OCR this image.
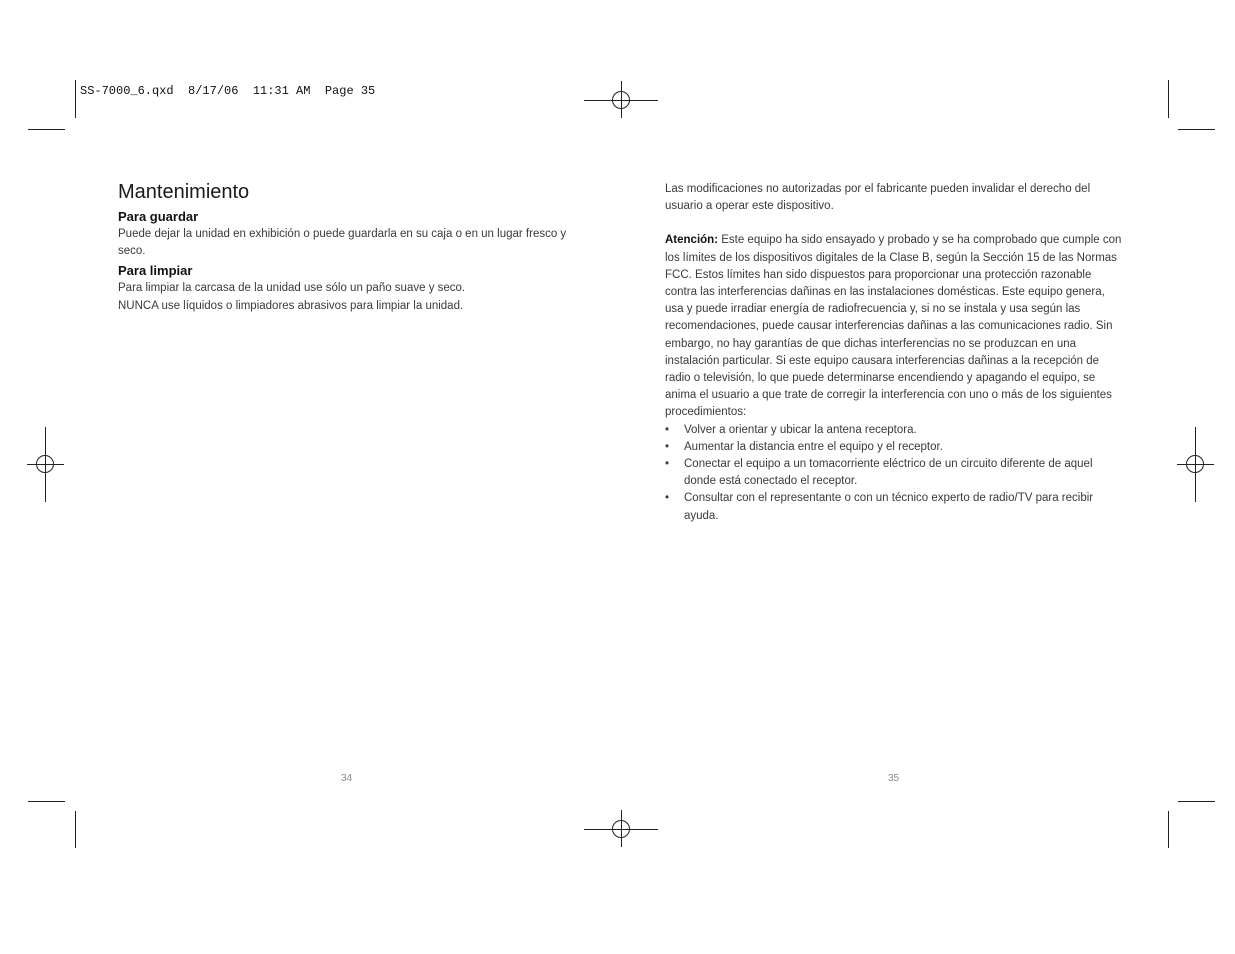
SS-7000_6.qxd  8/17/06  11:31 AM  Page 35
Mantenimiento
Para guardar

Puede dejar la unidad en exhibición o puede guardarla en su caja o en un lugar fresco y seco.

Para limpiar

Para limpiar la carcasa de la unidad use sólo un paño suave y seco.

NUNCA use líquidos o limpiadores abrasivos para limpiar la unidad.

34

Las modificaciones no autorizadas por el fabricante pueden invalidar el derecho del usuario a operar este dispositivo.

Atención: Este equipo ha sido ensayado y probado y se ha comprobado que cumple con los límites de los dispositivos digitales de la Clase B, según la Sección 15 de las Normas FCC. Estos límites han sido dispuestos para proporcionar una protección razonable contra las interferencias dañinas en las instalaciones domésticas. Este equipo genera, usa y puede irradiar energía de radiofrecuencia y, si no se instala y usa según las recomendaciones, puede causar interferencias dañinas a las comunicaciones radio. Sin embargo, no hay garantías de que dichas interferencias no se produzcan en una instalación particular. Si este equipo causara interferencias dañinas a la recepción de radio o televisión, lo que puede determinarse encendiendo y apagando el equipo, se anima el usuario a que trate de corregir la interferencia con uno o más de los siguientes procedimientos:

• Volver a orientar y ubicar la antena receptora.
• Aumentar la distancia entre el equipo y el receptor.
• Conectar el equipo a un tomacorriente eléctrico de un circuito diferente de aquel donde está conectado el receptor.
• Consultar con el representante o con un técnico experto de radio/TV para recibir ayuda.
35
